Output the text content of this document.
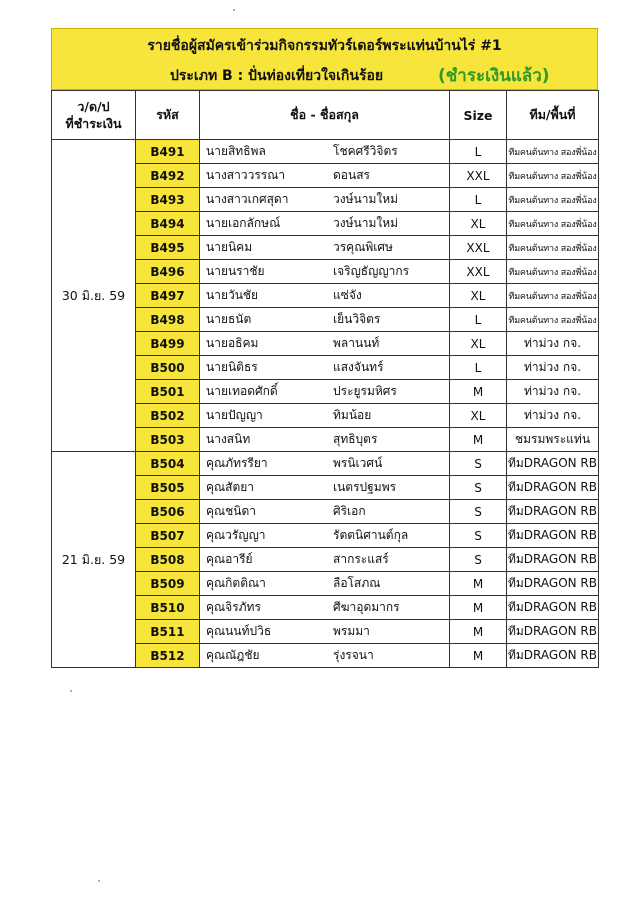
รายชื่อผู้สมัครเข้าร่วมกิจกรรมทัวร์เดอร์พระแท่นบ้านไร่ #1
ประเภท B : ปั่นท่องเที่ยวใจเกินร้อย	(ชำระเงินแล้ว)
ว/ด/ป
ที่ชำระเงิน	รหัส	ชื่อ - ชื่อสกุล	Size	ทีม/พื้นที่
30 มิ.ย. 59	B491	นายสิทธิพล โชคศรีวิจิตร	L	ทีมคนต้นทาง สองพี่น้อง
	B492	นางสาววรรณา ดอนสร	XXL	ทีมคนต้นทาง สองพี่น้อง
	B493	นางสาวเกศสุดา วงษ์นามใหม่	L	ทีมคนต้นทาง สองพี่น้อง
	B494	นายเอกลักษณ์ วงษ์นามใหม่	XL	ทีมคนต้นทาง สองพี่น้อง
	B495	นายนิคม วรคุณพิเศษ	XXL	ทีมคนต้นทาง สองพี่น้อง
	B496	นายนราชัย เจริญธัญญากร	XXL	ทีมคนต้นทาง สองพี่น้อง
	B497	นายวันชัย แซ่จัง	XL	ทีมคนต้นทาง สองพี่น้อง
	B498	นายธนัต เย็นวิจิตร	L	ทีมคนต้นทาง สองพี่น้อง
	B499	นายอธิคม พลานนท์	XL	ท่าม่วง กจ.
	B500	นายนิติธร แสงจันทร์	L	ท่าม่วง กจ.
	B501	นายเทอดศักดิ์ ประยูรมหิศร	M	ท่าม่วง กจ.
	B502	นายปัญญา ทิมน้อย	XL	ท่าม่วง กจ.
	B503	นางสนิท สุทธิบุตร	M	ชมรมพระแท่น
21 มิ.ย. 59	B504	คุณภัทรรียา พรนิเวศน์	S	ทีมDRAGON RB
	B505	คุณสัตยา เนตรปฐมพร	S	ทีมDRAGON RB
	B506	คุณชนิดา ศิริเอก	S	ทีมDRAGON RB
	B507	คุณวรัญญา รัตตนิศานต์กุล	S	ทีมDRAGON RB
	B508	คุณอารีย์ สากระแสร์	S	ทีมDRAGON RB
	B509	คุณกิตติณา ลือโสภณ	M	ทีมDRAGON RB
	B510	คุณจิรภัทร ศีฆาอุดมากร	M	ทีมDRAGON RB
	B511	คุณนนท์ปวิธ พรมมา	M	ทีมDRAGON RB
	B512	คุณณัฎชัย รุ่งรจนา	M	ทีมDRAGON RB
